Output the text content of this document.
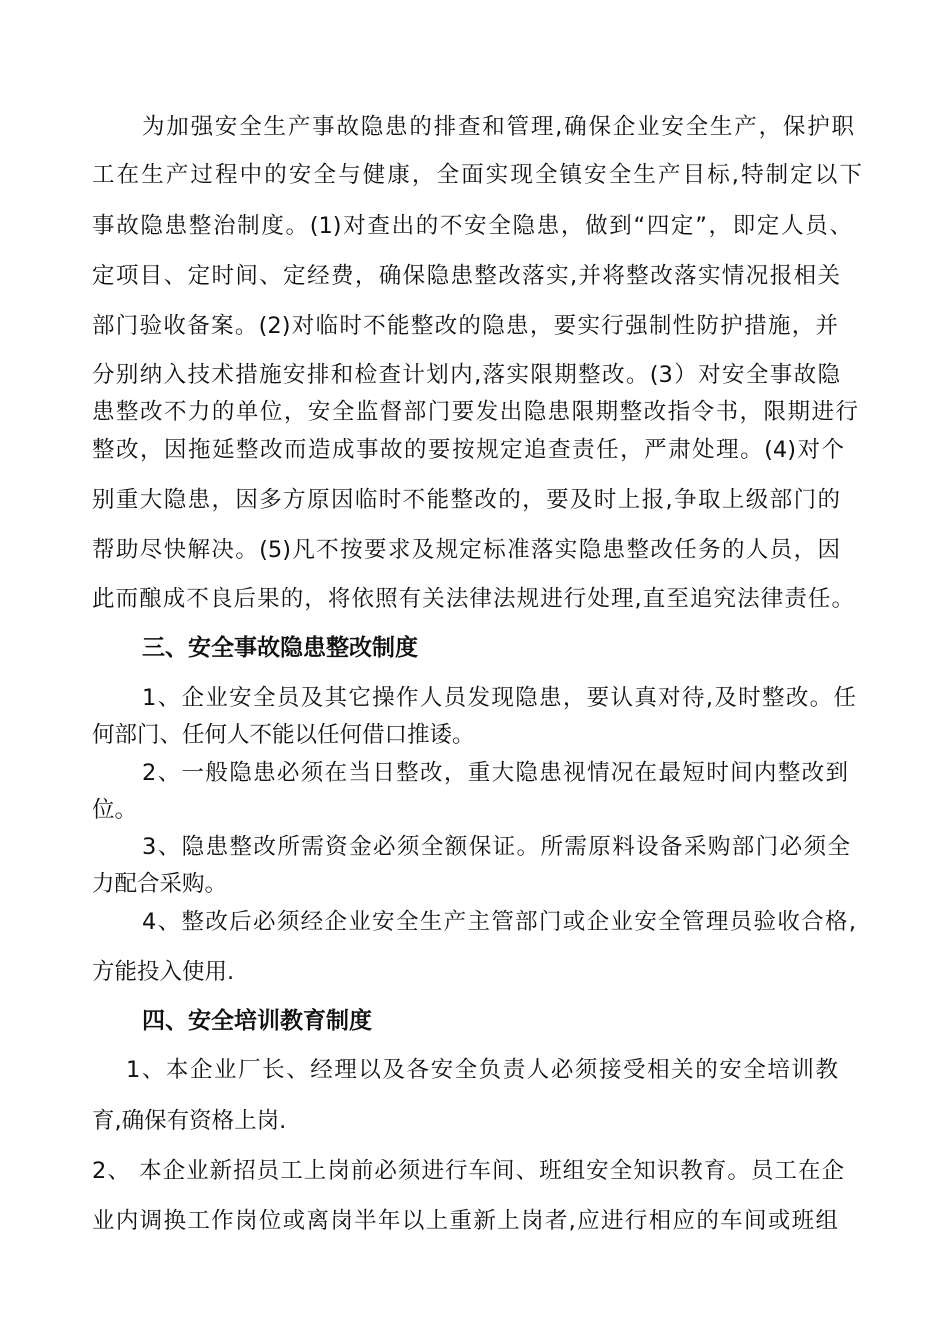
为加强安全生产事故隐患的排查和管理,确保企业安全生产，保护职
工在生产过程中的安全与健康，全面实现全镇安全生产目标,特制定以下
事故隐患整治制度。(1)对查出的不安全隐患，做到“四定”，即定人员、
定项目、定时间、定经费，确保隐患整改落实,并将整改落实情况报相关
部门验收备案。(2)对临时不能整改的隐患，要实行强制性防护措施，并
分别纳入技术措施安排和检查计划内,落实限期整改。(3）对安全事故隐
患整改不力的单位，安全监督部门要发出隐患限期整改指令书，限期进行
整改，因拖延整改而造成事故的要按规定追查责任，严肃处理。(4)对个
别重大隐患，因多方原因临时不能整改的，要及时上报,争取上级部门的
帮助尽快解决。(5)凡不按要求及规定标准落实隐患整改任务的人员，因
此而酿成不良后果的，将依照有关法律法规进行处理,直至追究法律责任。
三、安全事故隐患整改制度
1、企业安全员及其它操作人员发现隐患，要认真对待,及时整改。任
何部门、任何人不能以任何借口推诿。
2、一般隐患必须在当日整改，重大隐患视情况在最短时间内整改到
位。
3、隐患整改所需资金必须全额保证。所需原料设备采购部门必须全
力配合采购。
4、整改后必须经企业安全生产主管部门或企业安全管理员验收合格,
方能投入使用.
四、安全培训教育制度
1、本企业厂长、经理以及各安全负责人必须接受相关的安全培训教
育,确保有资格上岗.
2、 本企业新招员工上岗前必须进行车间、班组安全知识教育。员工在企
业内调换工作岗位或离岗半年以上重新上岗者,应进行相应的车间或班组
